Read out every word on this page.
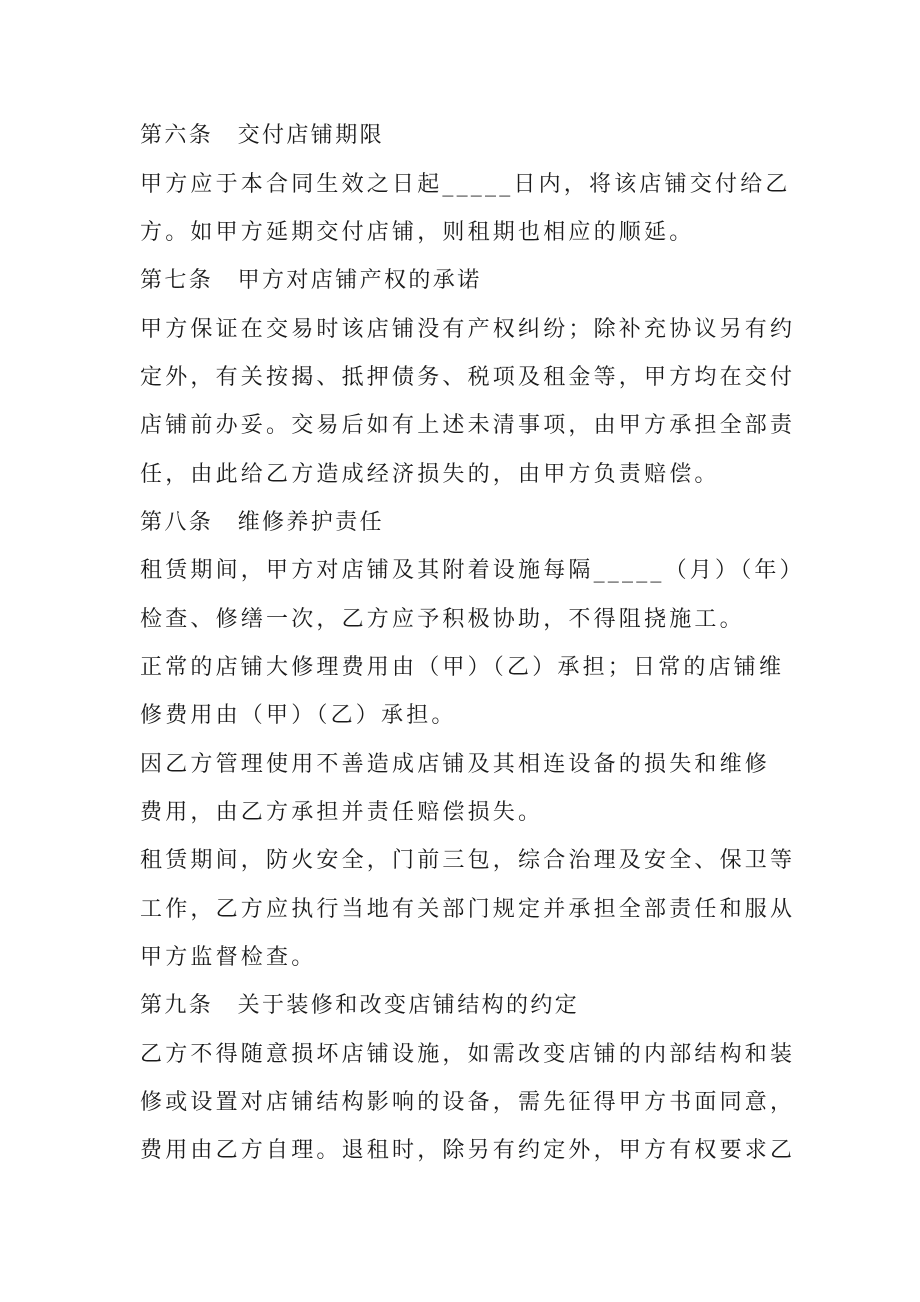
第六条　交付店铺期限
甲方应于本合同生效之日起_____日内，将该店铺交付给乙
方。如甲方延期交付店铺，则租期也相应的顺延。
第七条　甲方对店铺产权的承诺
甲方保证在交易时该店铺没有产权纠纷；除补充协议另有约
定外，有关按揭、抵押债务、税项及租金等，甲方均在交付
店铺前办妥。交易后如有上述未清事项，由甲方承担全部责
任，由此给乙方造成经济损失的，由甲方负责赔偿。
第八条　维修养护责任
租赁期间，甲方对店铺及其附着设施每隔_____（月）（年）
检查、修缮一次，乙方应予积极协助，不得阻挠施工。
正常的店铺大修理费用由（甲）（乙）承担；日常的店铺维
修费用由（甲）（乙）承担。
因乙方管理使用不善造成店铺及其相连设备的损失和维修
费用，由乙方承担并责任赔偿损失。
租赁期间，防火安全，门前三包，综合治理及安全、保卫等
工作，乙方应执行当地有关部门规定并承担全部责任和服从
甲方监督检查。
第九条　关于装修和改变店铺结构的约定
乙方不得随意损坏店铺设施，如需改变店铺的内部结构和装
修或设置对店铺结构影响的设备，需先征得甲方书面同意，
费用由乙方自理。退租时，除另有约定外，甲方有权要求乙
